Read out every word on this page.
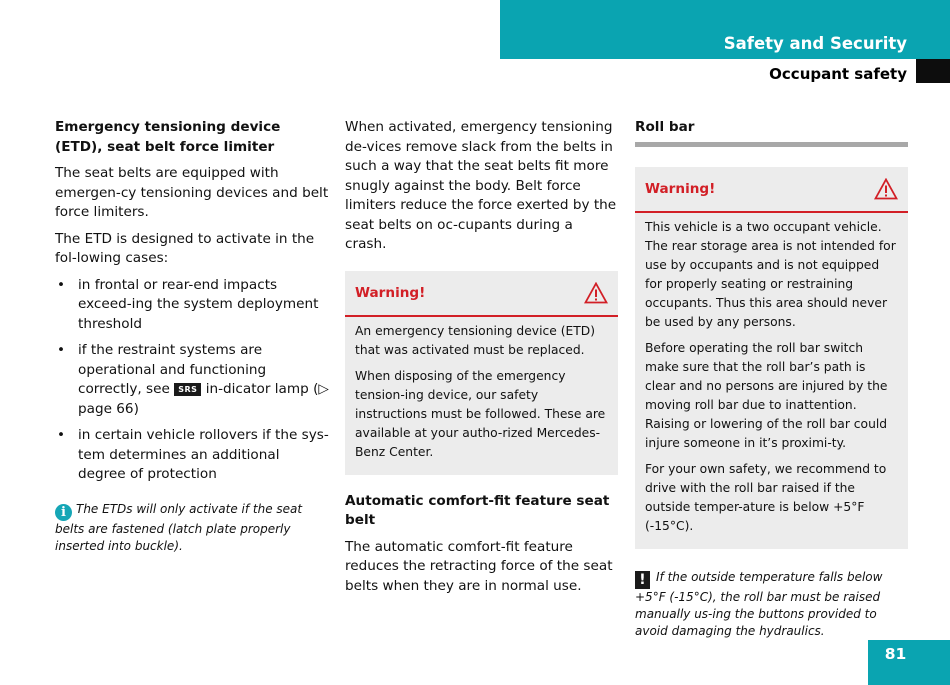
Safety and Security
Occupant safety
Emergency tensioning device (ETD), seat belt force limiter

The seat belts are equipped with emergen-cy tensioning devices and belt force limiters.

The ETD is designed to activate in the fol-lowing cases:

• in frontal or rear-end impacts exceed-ing the system deployment threshold
• if the restraint systems are operational and functioning correctly, see SRS in-dicator lamp (▷ page 66)
• in certain vehicle rollovers if the sys-tem determines an additional degree of protection
i The ETDs will only activate if the seat belts are fastened (latch plate properly inserted into buckle).

When activated, emergency tensioning de-vices remove slack from the belts in such a way that the seat belts fit more snugly against the body. Belt force limiters reduce the force exerted by the seat belts on oc-cupants during a crash.

Warning!

An emergency tensioning device (ETD) that was activated must be replaced.

When disposing of the emergency tension-ing device, our safety instructions must be followed. These are available at your autho-rized Mercedes-Benz Center.

Automatic comfort-fit feature seat belt

The automatic comfort-fit feature reduces the retracting force of the seat belts when they are in normal use.

Roll bar
Warning!

This vehicle is a two occupant vehicle. The rear storage area is not intended for use by occupants and is not equipped for properly seating or restraining occupants. Thus this area should never be used by any persons.

Before operating the roll bar switch make sure that the roll bar’s path is clear and no persons are injured by the moving roll bar due to inattention. Raising or lowering of the roll bar could injure someone in it’s proximi-ty.

For your own safety, we recommend to drive with the roll bar raised if the outside temper-ature is below +5°F (-15°C).

! If the outside temperature falls below +5°F (-15°C), the roll bar must be raised manually us-ing the buttons provided to avoid damaging the hydraulics.
81
